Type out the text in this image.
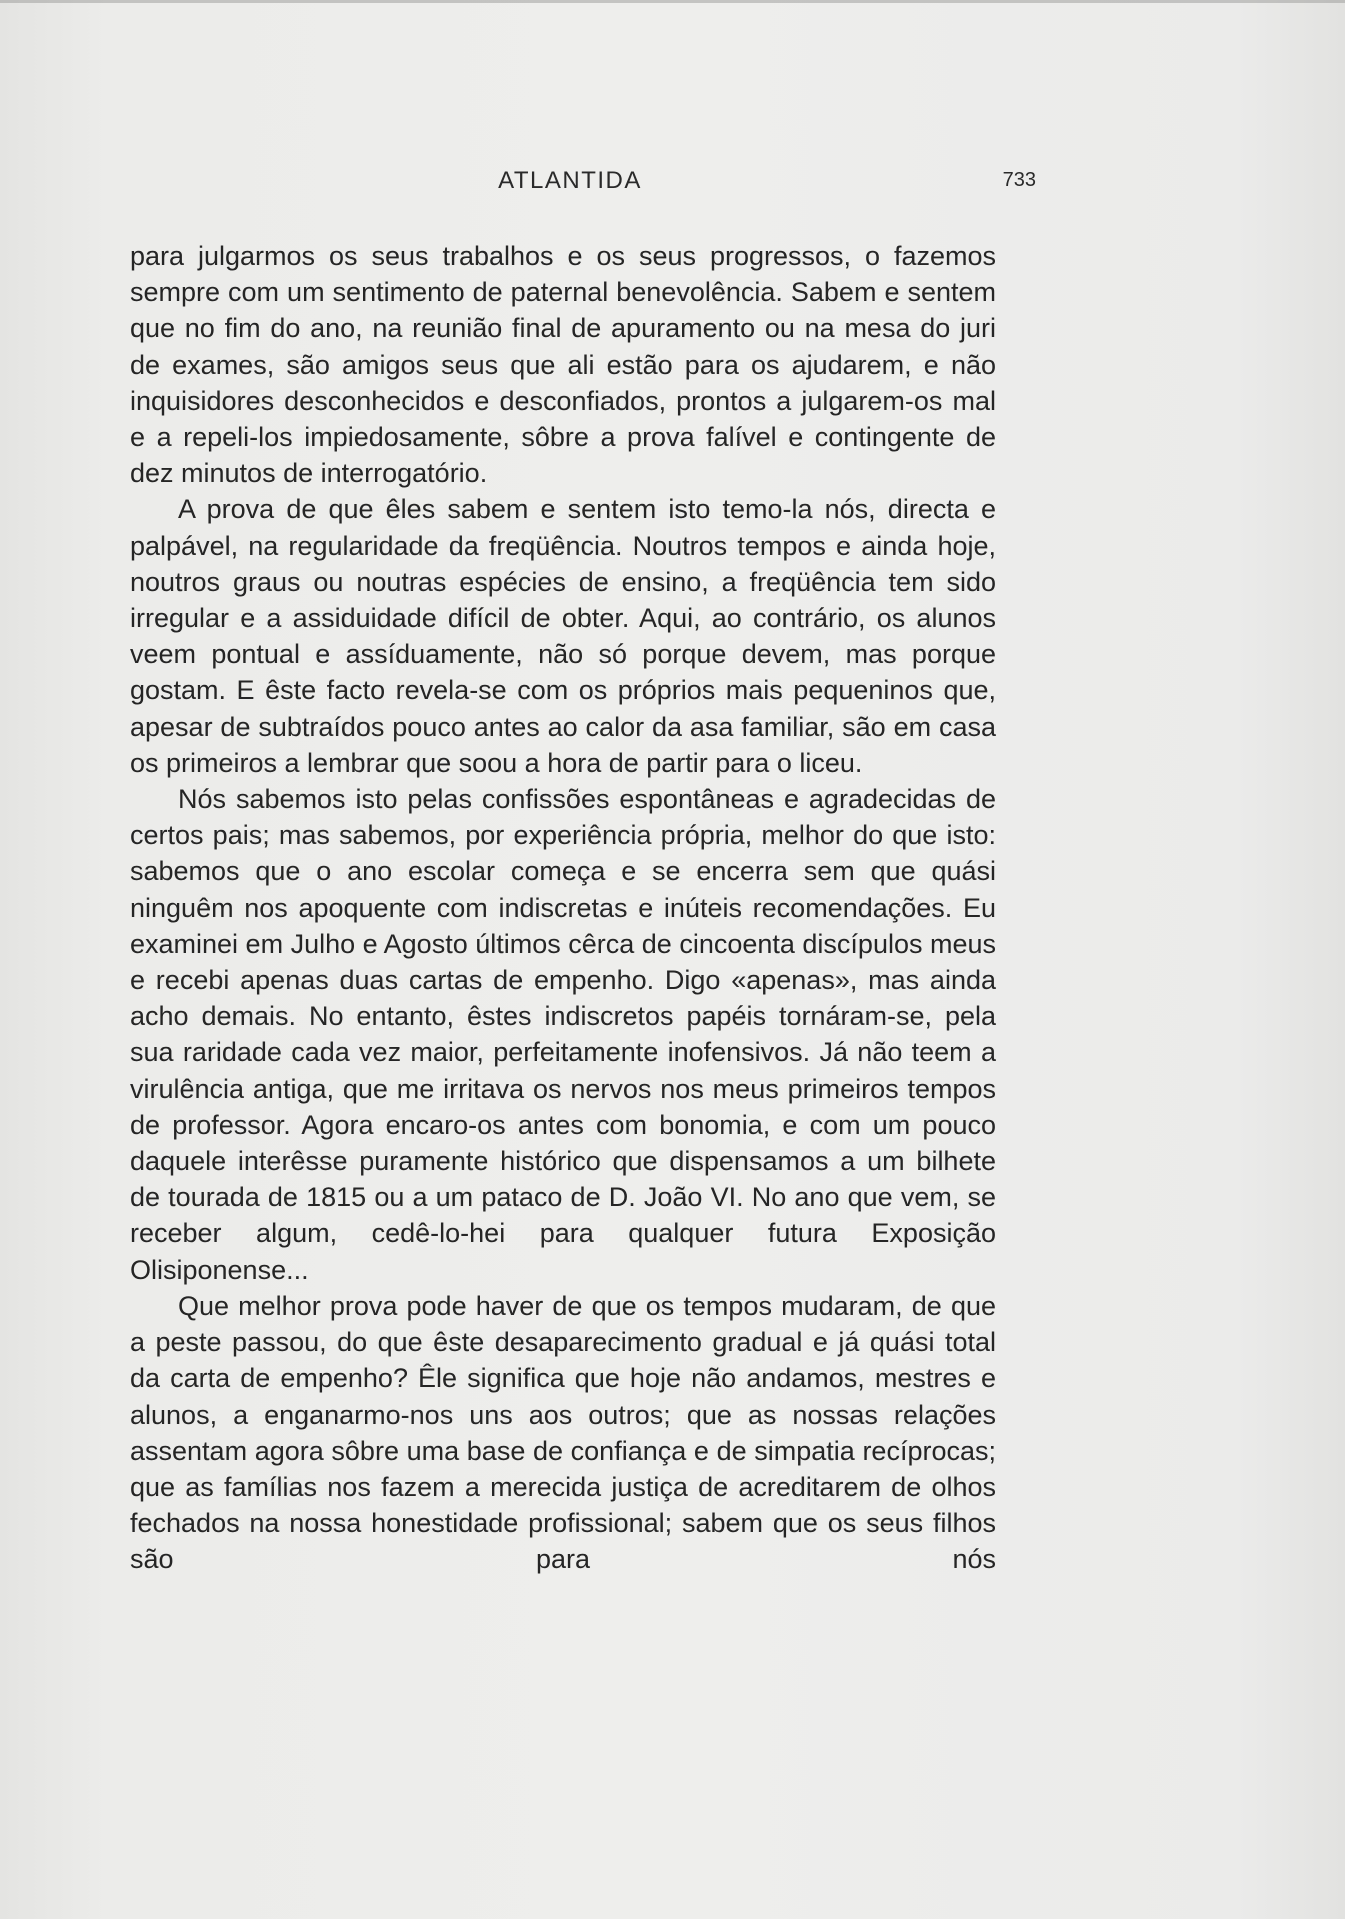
ATLANTIDA	733

para julgarmos os seus trabalhos e os seus progressos, o fazemos sempre com um sentimento de paternal benevolência. Sabem e sentem que no fim do ano, na reunião final de apuramento ou na mesa do juri de exames, são amigos seus que ali estão para os ajudarem, e não inquisidores desconhecidos e desconfiados, prontos a julgarem-os mal e a repeli-los impiedosamente, sôbre a prova falível e contingente de dez minutos de interrogatório.

A prova de que êles sabem e sentem isto temo-la nós, directa e palpável, na regularidade da freqüência. Noutros tempos e ainda hoje, noutros graus ou noutras espécies de ensino, a freqüência tem sido irregular e a assiduidade difícil de obter. Aqui, ao contrário, os alunos veem pontual e assíduamente, não só porque devem, mas porque gostam. E êste facto revela-se com os próprios mais pequeninos que, apesar de subtraídos pouco antes ao calor da asa familiar, são em casa os primeiros a lembrar que soou a hora de partir para o liceu.

Nós sabemos isto pelas confissões espontâneas e agradecidas de certos pais; mas sabemos, por experiência própria, melhor do que isto: sabemos que o ano escolar começa e se encerra sem que quási ninguêm nos apoquente com indiscretas e inúteis recomendações. Eu examinei em Julho e Agosto últimos cêrca de cincoenta discípulos meus e recebi apenas duas cartas de empenho. Digo «apenas», mas ainda acho demais. No entanto, êstes indiscretos papéis tornáram-se, pela sua raridade cada vez maior, perfeitamente inofensivos. Já não teem a virulência antiga, que me irritava os nervos nos meus primeiros tempos de professor. Agora encaro-os antes com bonomia, e com um pouco daquele interêsse puramente histórico que dispensamos a um bilhete de tourada de 1815 ou a um pataco de D. João VI. No ano que vem, se receber algum, cedê-lo-hei para qualquer futura Exposição Olisiponense...

Que melhor prova pode haver de que os tempos mudaram, de que a peste passou, do que êste desaparecimento gradual e já quási total da carta de empenho? Êle significa que hoje não andamos, mestres e alunos, a enganarmo-nos uns aos outros; que as nossas relações assentam agora sôbre uma base de confiança e de simpatia recíprocas; que as famílias nos fazem a merecida justiça de acreditarem de olhos fechados na nossa honestidade profissional; sabem que os seus filhos são para nós
